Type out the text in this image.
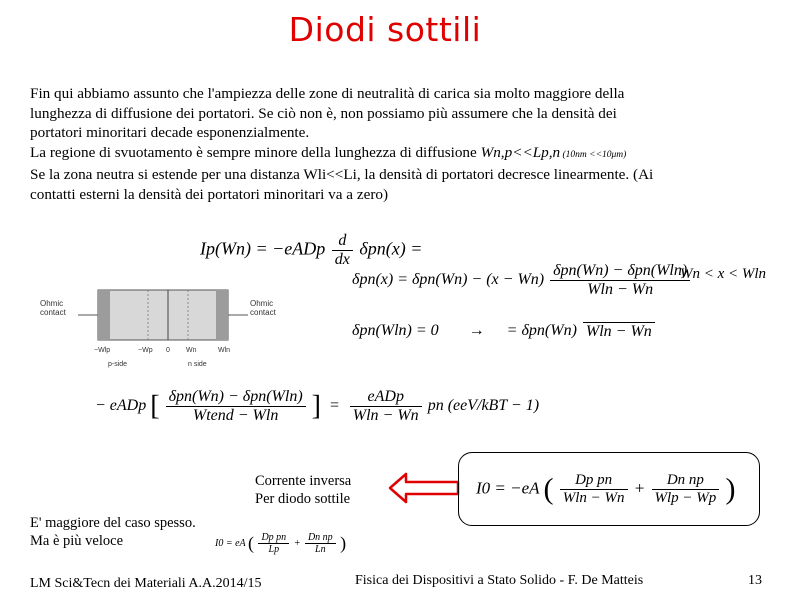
Diodi sottili

Fin qui abbiamo assunto che l'ampiezza delle zone di neutralità di carica sia molto maggiore della

lunghezza di diffusione dei portatori. Se ciò non è, non possiamo più assumere che la densità dei

portatori minoritari decade esponenzialmente.

La regione di svuotamento è sempre minore della lunghezza di diffusione Wn,p<<Lp,n (10nm <<10μm)

Se la zona neutra si estende per una distanza Wli<<Li, la densità di portatori decresce linearmente. (Ai

contatti esterni la densità dei portatori minoritari va a zero)

Ip(Wn) = −eADp $\frac{d}{dx} \delta pn(x)$ =
$\delta pn(x) = \delta pn(Wn) - (x - Wn) \frac{\text{δpn(Wn) − δpn(Wln)}}{Wln - Wn}$
Wn < x < Wln
δpn(Wln) = 0 → = δpn(Wn) Wln − Wn
− eADp [ $\frac{\text{δpn(Wn) − δpn(Wln)}}{\text{Wtend − Wln}}$ ] = $\frac{\text{eADp}}{Wln - Wn}$ pn (eeV/kBT − 1)
Ohmic
contact
Ohmic
contact
−Wlp	−Wp 0 Wn	Wln
p-side	n side
Corrente inversa
Per diodo sottile
I0 = −eA ( $\frac{\text{Dp pn}}{Wln - Wn} + \frac{\text{Dn np}}{\text{Wlp − Wp}}$ )
E' maggiore del caso spesso.
Ma è più veloce	I0 = eA ( $\frac{\text{Dp pn}}{Lp} + \frac{\text{Dn np}}{Ln}$ )
LM Sci&Tecn dei Materiali A.A.2014/15	Fisica dei Dispositivi a Stato Solido - F. De Matteis	13
